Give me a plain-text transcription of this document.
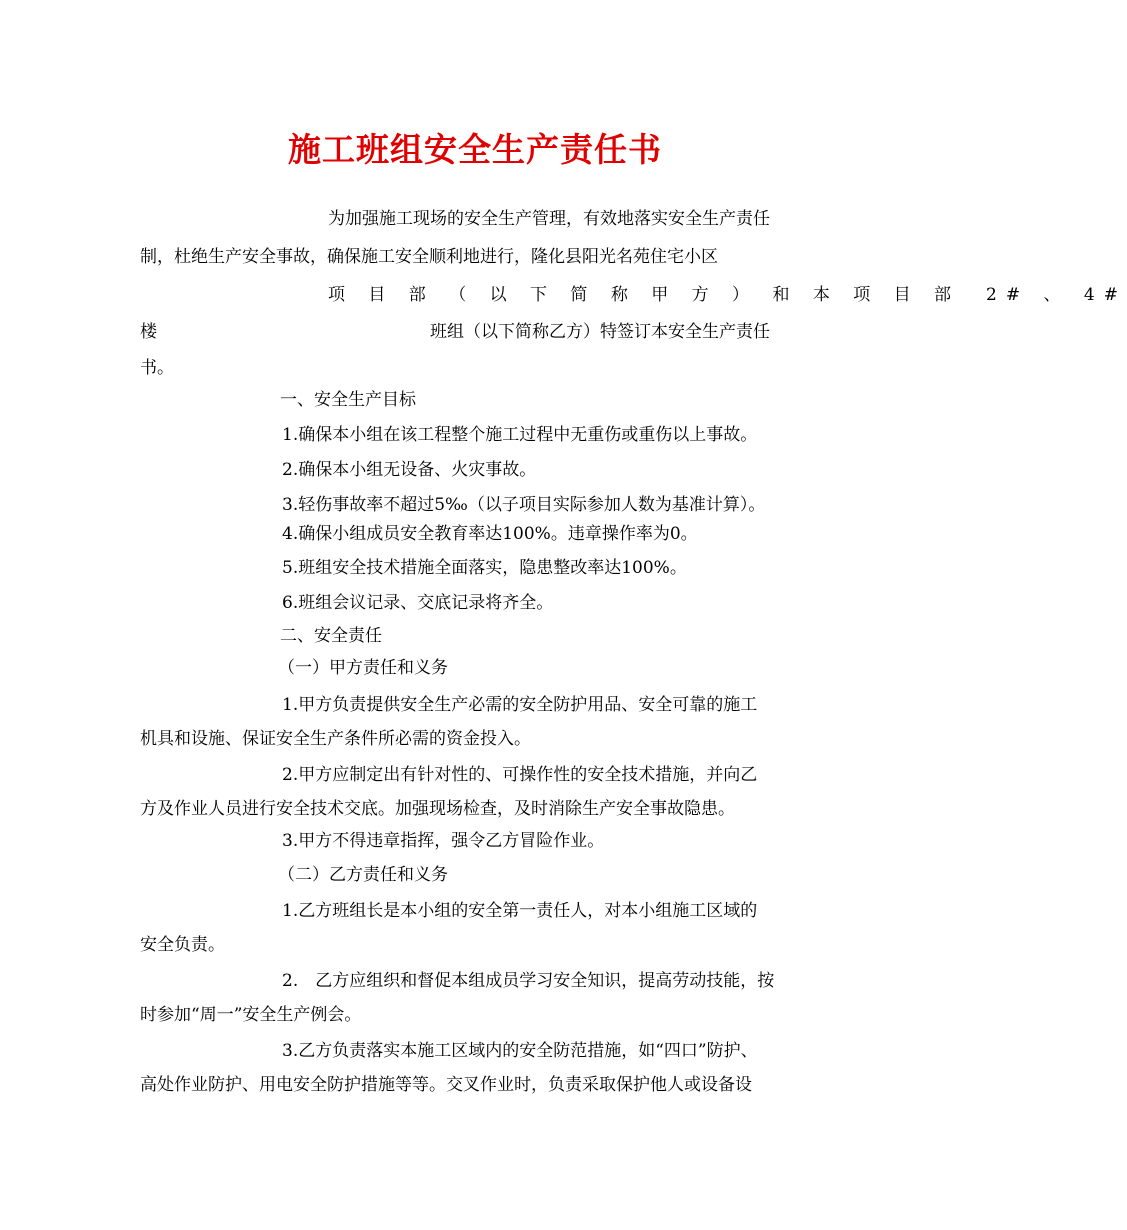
施工班组安全生产责任书
为加强施工现场的安全生产管理，有效地落实安全生产责任
制，杜绝生产安全事故，确保施工安全顺利地进行，隆化县阳光名苑住宅小区
项 目 部 （ 以 下 简 称 甲 方 ） 和 本 项 目 部　2# 、 4#
楼	班组（以下简称乙方）特签订本安全生产责任
书。
一、安全生产目标
1.确保本小组在该工程整个施工过程中无重伤或重伤以上事故。
2.确保本小组无设备、火灾事故。
3.轻伤事故率不超过5‰（以子项目实际参加人数为基准计算）。
4.确保小组成员安全教育率达100%。违章操作率为0。
5.班组安全技术措施全面落实，隐患整改率达100%。
6.班组会议记录、交底记录将齐全。
二、安全责任
（一）甲方责任和义务
1.甲方负责提供安全生产必需的安全防护用品、安全可靠的施工
机具和设施、保证安全生产条件所必需的资金投入。
2.甲方应制定出有针对性的、可操作性的安全技术措施，并向乙
方及作业人员进行安全技术交底。加强现场检查，及时消除生产安全事故隐患。
3.甲方不得违章指挥，强令乙方冒险作业。
（二）乙方责任和义务
1.乙方班组长是本小组的安全第一责任人，对本小组施工区域的
安全负责。
2.　乙方应组织和督促本组成员学习安全知识，提高劳动技能，按
时参加“周一”安全生产例会。
3.乙方负责落实本施工区域内的安全防范措施，如“四口”防护、
高处作业防护、用电安全防护措施等等。交叉作业时，负责采取保护他人或设备设
